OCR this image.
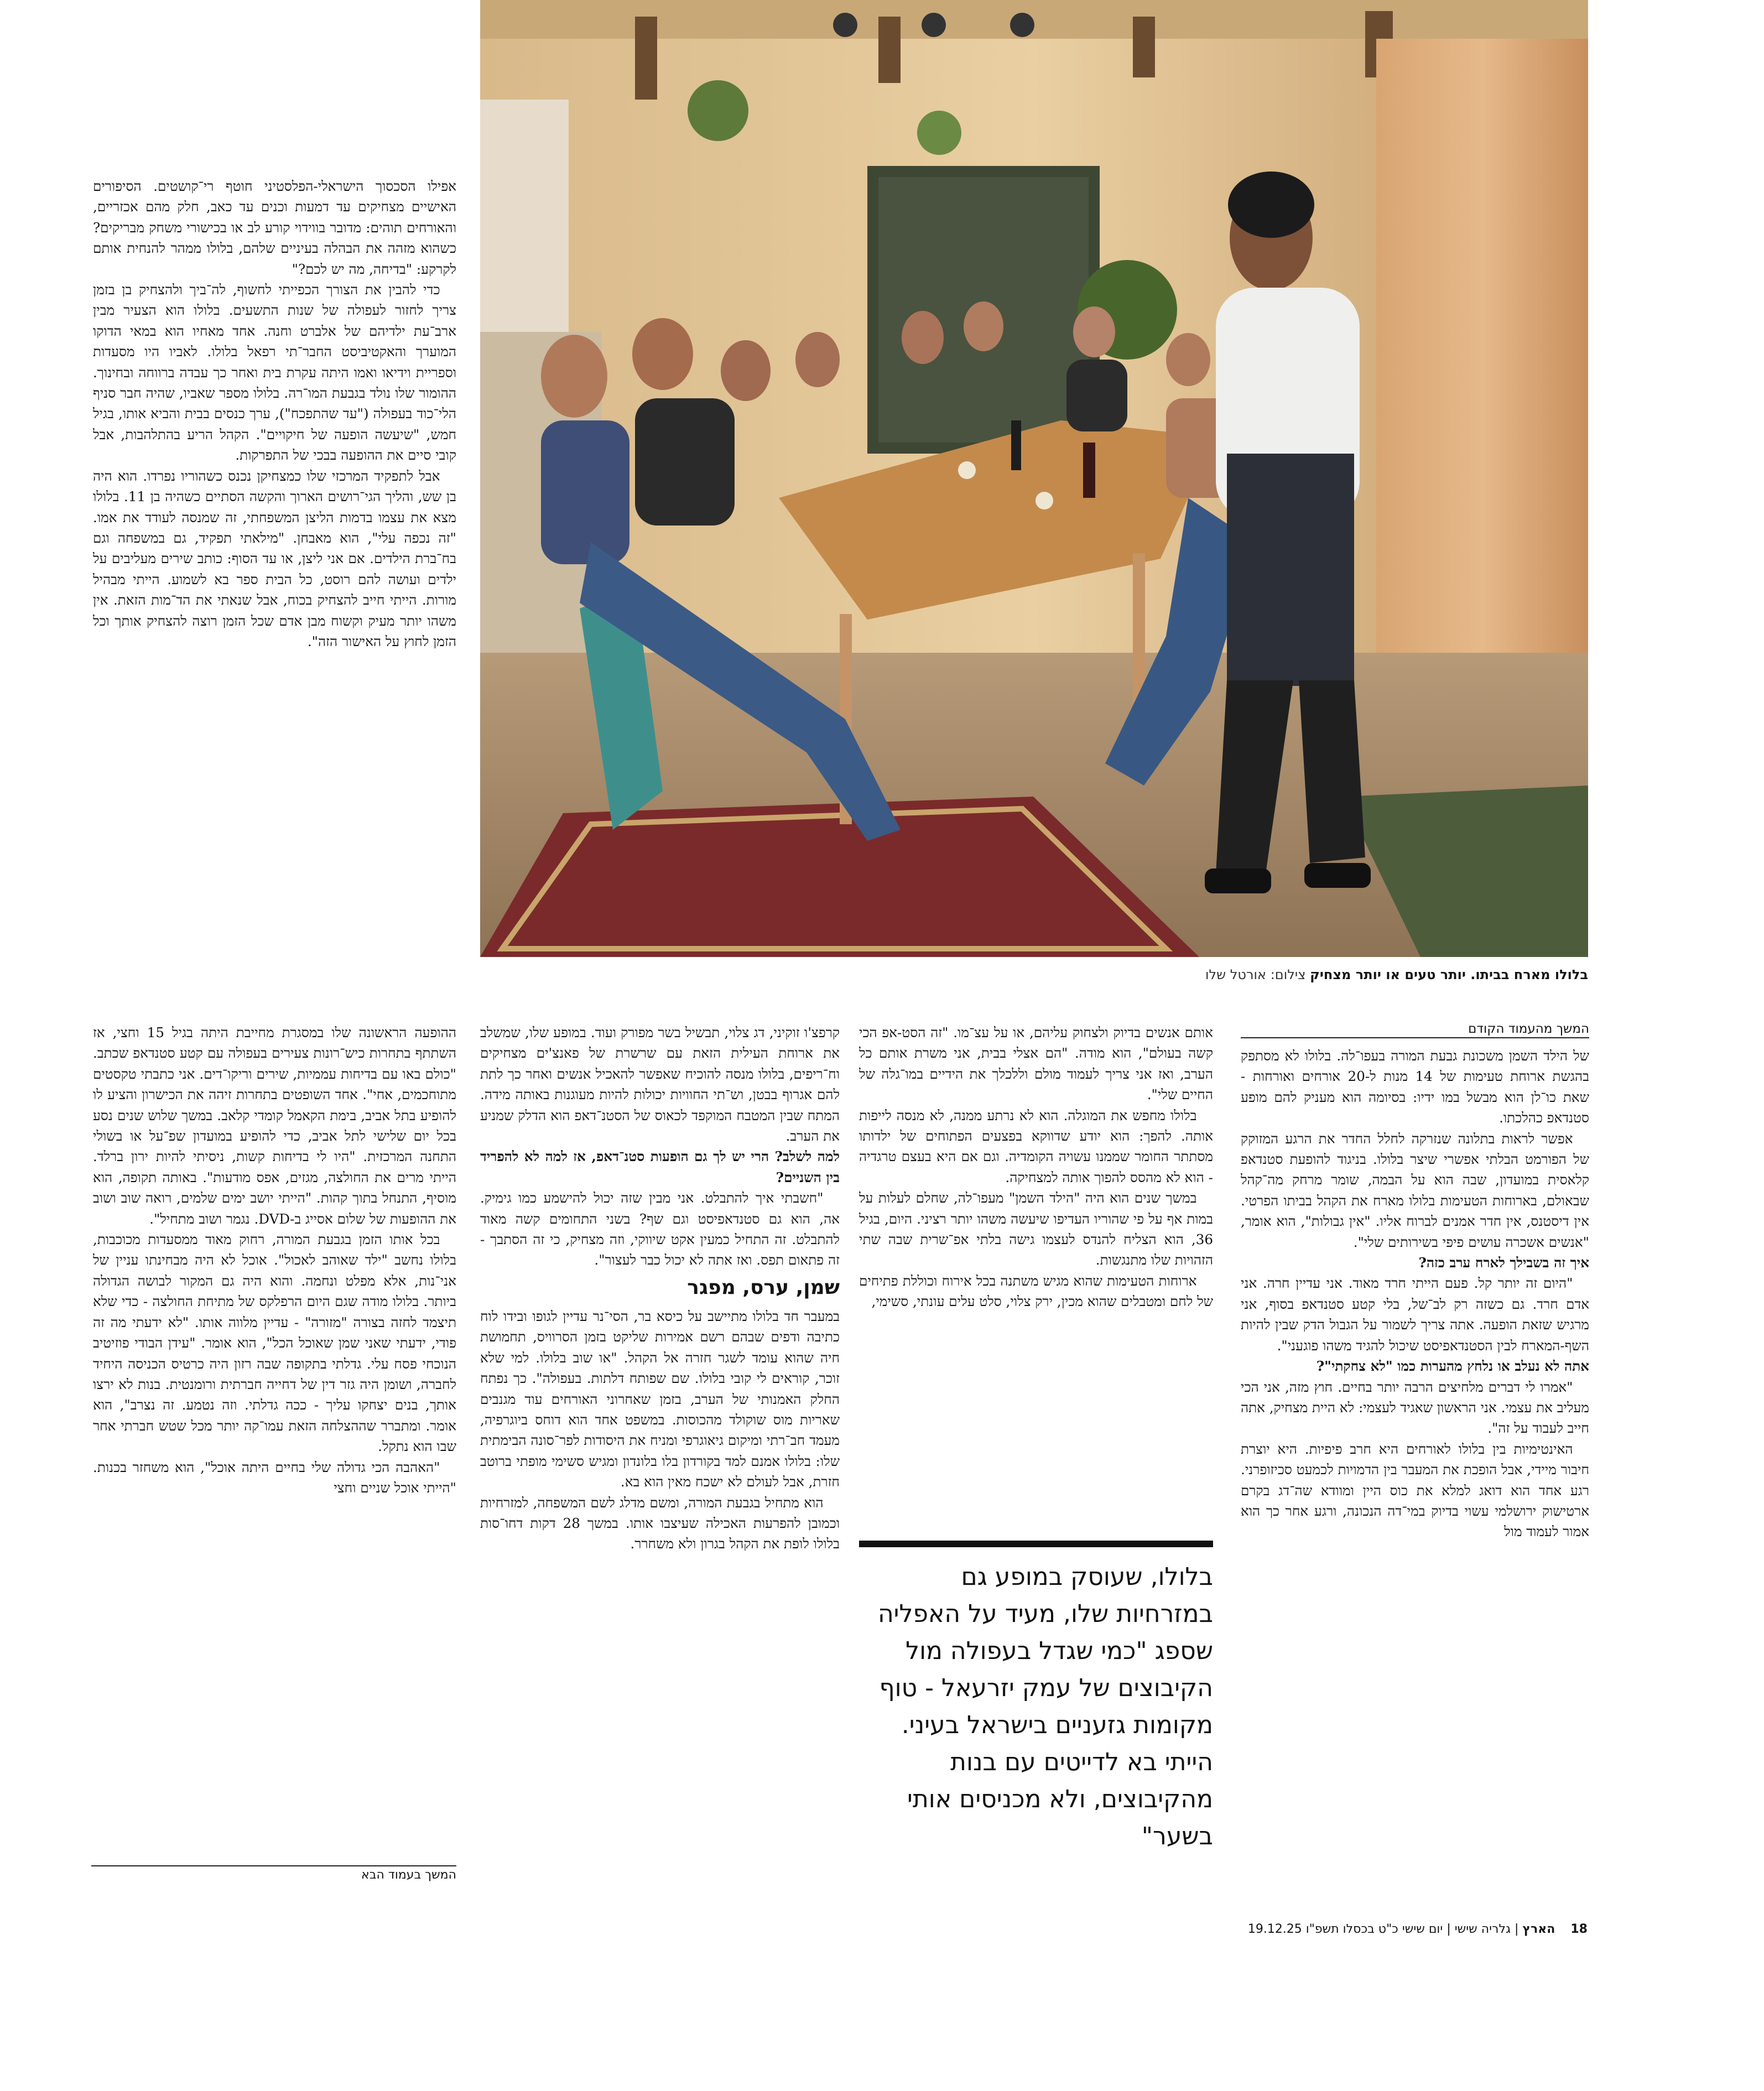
בלולו מארח בביתו. יותר טעים או יותר מצחיק צילום: אורטל שלו

אפילו הסכסוך הישראלי-הפלסטיני חוטף רי־קושטים. הסיפורים האישיים מצחיקים עד דמעות וכנים עד כאב, חלק מהם אכזריים, והאורחים תוהים: מדובר בווידוי קורע לב או בכישורי משחק מבריקים? כשהוא מזהה את הבהלה בעיניים שלהם, בלולו ממהר להנחית אותם לקרקע: "בדיחה, מה יש לכם?"

כדי להבין את הצורך הכפייתי לחשוף, לה־ביך ולהצחיק בן בזמן צריך לחזור לעפולה של שנות התשעים. בלולו הוא הצעיר מבין ארב־עת ילדיהם של אלברט וחנה. אחד מאחיו הוא במאי הדוקו המוערך והאקטיביסט החבר־תי רפאל בלולו. לאביו היו מסעדות וספריית וידיאו ואמו היתה עקרת בית ואחר כך עבדה ברווחה ובחינוך. ההומור שלו נולד בגבעת המו־רה. בלולו מספר שאביו, שהיה חבר סניף הלי־כוד בעפולה ("עד שהתפכח"), ערך כנסים בבית והביא אותו, בגיל חמש, "שיעשה הופעה של חיקויים". הקהל הריע בהתלהבות, אבל קובי סיים את ההופעה בבכי של התפרקות.

אבל לתפקיד המרכזי שלו כמצחיקן נכנס כשהוריו נפרדו. הוא היה בן שש, והליך הגי־רושים הארוך והקשה הסתיים כשהיה בן 11. בלולו מצא את עצמו בדמות הליצן המשפחתי, זה שמנסה לעודד את אמו. "זה נכפה עלי", הוא מאבחן. "מילאתי תפקיד, גם במשפחה וגם בח־ברת הילדים. אם אני ליצן, או עד הסוף: כותב שירים מעליבים על ילדים ועושה להם רוסט, כל הבית ספר בא לשמוע. הייתי מבהיל מורות. הייתי חייב להצחיק בכוח, אבל שנאתי את הד־מות הזאת. אין משהו יותר מעיק וקשוח מבן אדם שכל הזמן רוצה להצחיק אותך וכל הזמן לחוץ על האישור הזה".

המשך מהעמוד הקודם

של הילד השמן משכונת גבעת המורה בעפו־לה. בלולו לא מסתפק בהגשת ארוחת טעימות של 14 מנות ל-20 אורחים ואורחות - שאת כו־לן הוא מבשל במו ידיו: בסיומה הוא מעניק להם מופע סטנדאפ כהלכתו.

אפשר לראות בתלונה שנזרקה לחלל החדר את הרגע המזוקק של הפורמט הבלתי אפשרי שיצר בלולו. בניגוד להופעת סטנדאפ קלאסית במועדון, שבה הוא על הבמה, שומר מרחק מה־קהל שבאולם, בארוחות הטעימות בלולו מארח את הקהל בביתו הפרטי. אין דיסטנס, אין חדר אמנים לברוח אליו. "אין גבולות", הוא אומר, "אנשים אשכרה עושים פיפי בשירותים שלי".

איך זה בשבילך לארח ערב כזה?

"היום זה יותר קל. פעם הייתי חרד מאוד. אני עדיין חרה. אני אדם חרד. גם כשזה רק לב־של, בלי קטע סטנדאפ בסוף, אני מרגיש שזאת הופעה. אתה צריך לשמור על הגבול הדק שבין להיות השף-המארח לבין הסטנדאפיסט שיכול להגיד משהו פוגעני".

אתה לא נעלב או נלחץ מהערות כמו "לא צחקתי"?

"אמרו לי דברים מלחיצים הרבה יותר בחיים. חוץ מזה, אני הכי מעליב את עצמי. אני הראשון שאגיד לעצמי: לא היית מצחיק, אתה חייב לעבוד על זה".

האינטימיות בין בלולו לאורחים היא חרב פיפיות. היא יוצרת חיבור מיידי, אבל הופכת את המעבר בין הדמויות לכמעט סכיזופרני. רגע אחד הוא דואג למלא את כוס היין ומוודא שה־דג בקרם ארטישוק ירושלמי עשוי בדיוק במי־דה הנכונה, ורגע אחר כך הוא אמור לעמוד מול

אותם אנשים בדיוק ולצחוק עליהם, או על עצ־מו. "זה הסט-אפ הכי קשה בעולם", הוא מודה. "הם אצלי בבית, אני משרת אותם כל הערב, ואז אני צריך לעמוד מולם וללכלך את הידיים במו־גלה של החיים שלי".

בלולו מחפש את המוגלה. הוא לא נרתע ממנה, לא מנסה לייפות אותה. להפך: הוא יודע שדווקא בפצעים הפתוחים של ילדותו מסתתר החומר שממנו עשויה הקומדיה. וגם אם היא בעצם טרגדיה - הוא לא מהסס להפוך אותה למצחיקה.

במשך שנים הוא היה "הילד השמן" מעפו־לה, שחלם לעלות על במות אף על פי שהוריו העדיפו שיעשה משהו יותר רציני. היום, בגיל 36, הוא הצליח להנדס לעצמו גישה בלתי אפ־שרית שבה שתי הזהויות שלו מתנגשות.

ארוחות הטעימות שהוא מגיש משתנה בכל אירוח וכוללת פתיחים של לחם ומטבלים שהוא מכין, ירק צלוי, סלט עלים עונתי, סשימי,

בלולו, שעוסק במופע גם במזרחיות שלו, מעיד על האפליה שספג "כמי שגדל בעפולה מול הקיבוצים של עמק יזרעאל - טוף מקומות גזעניים בישראל בעיני. הייתי בא לדייטים עם בנות מהקיבוצים, ולא מכניסים אותי בשער"

קרפצ'ו זוקיני, דג צלוי, תבשיל בשר מפורק ועוד. במופע שלו, שמשלב את ארוחת העילית הזאת עם שרשרת של פאנצ'ים מצחיקים וח־ריפים, בלולו מנסה להוכיח שאפשר להאכיל אנשים ואחר כך לתת להם אגרוף בבטן, וש־תי החוויות יכולות להיות מעוגנות באותה מידה. המתח שבין המטבח המוקפד לכאוס של הסטנ־דאפ הוא הדלק שמניע את הערב.

למה לשלב? הרי יש לך גם הופעות סטנ־דאפ, אז למה לא להפריד בין השניים?

"חשבתי איך להתבלט. אני מבין שזה יכול להישמע כמו גימיק. אה, הוא גם סטנדאפיסט וגם שף? בשני התחומים קשה מאוד להתבלט. זה התחיל כמעין אקט שיווקי, וזה מצחיק, כי זה הסתבך - זה פתאום תפס. ואז אתה לא יכול כבר לעצור".

שמן, ערס, מפגר

במעבר חד בלולו מתיישב על כיסא בר, הסי־נר עדיין לגופו ובידו לוח כתיבה ודפים שבהם רשם אמירות שליקט בזמן הסרוויס, תחמושת חיה שהוא עומד לשגר חזרה אל הקהל. "או שוב בלולו. למי שלא זוכר, קוראים לי קובי בלולו. שם שפותח דלתות. בעפולה". כך נפתח החלק האמנותי של הערב, בזמן שאחרוני האורחים עוד מגנבים שאריות מוס שוקולד מהכוסות. במשפט אחד הוא דוחס ביוגרפיה, מעמד חב־רתי ומיקום גיאוגרפי ומניח את היסודות לפר־סונה הבימתית שלו: בלולו אמנם למד בקורדון בלו בלונדון ומגיש סשימי מופתי ברוטב חזרת, אבל לעולם לא ישכח מאין הוא בא.

הוא מתחיל בגבעת המורה, ומשם מדלג לשם המשפחה, למזרחיות וכמובן להפרעות האכילה שעיצבו אותו. במשך 28 דקות דחו־סות בלולו לופת את הקהל בגרון ולא משחרר.

ההופעה הראשונה שלו במסגרת מחייבת היתה בגיל 15 וחצי, אז השתתף בתחרות כיש־רונות צעירים בעפולה עם קטע סטנדאפ שכתב. "כולם באו עם בדיחות עממיות, שירים וריקו־דים. אני כתבתי טקסטים מתוחכמים, אחי". אחד השופטים בתחרות זיהה את הכישרון והציע לו להופיע בתל אביב, בימת הקאמל קומדי קלאב. במשך שלוש שנים נסע בכל יום שלישי לתל אביב, כדי להופיע במועדון שפ־על או בשולי התחנה המרכזית. "היו לי בדיחות קשות, ניסיתי להיות ירון ברלד. הייתי מרים את החולצה, מגזים, אפס מודעות". באותה תקופה, הוא מוסיף, התנחל בתוך קהות. "הייתי יושב ימים שלמים, רואה שוב ושוב את ההופעות של שלום אסייג ב-DVD. נגמר ושוב מתחיל".

בכל אותו הזמן בגבעת המורה, רחוק מאוד ממסעדות מכוכבות, בלולו נחשב "ילד שאוהב לאכול". אוכל לא היה מבחינתו עניין של אני־נות, אלא מפלט ונחמה. והוא היה גם המקור לבושה הגדולה ביותר. בלולו מודה שגם היום הרפלקס של מתיחת החולצה - כדי שלא תיצמד לחזה בצורה "מזורה" - עדיין מלווה אותו. "לא ידעתי מה זה פודי, ידעתי שאני שמן שאוכל הכל", הוא אומר. "עידן הבודי פוזיטיב הנוכחי פסח עלי. גדלתי בתקופה שבה רזון היה כרטיס הכניסה היחיד לחברה, ושומן היה גזר דין של דחייה חברתית ורומנטית. בנות לא ירצו אותך, בנים יצחקו עליך - ככה גדלתי. וזה נטמע. זה נצרב", הוא אומר. ומתברר שההצלחה הזאת עמו־קה יותר מכל שטש חברתי אחר שבו הוא נתקל.

"האהבה הכי גדולה שלי בחיים היתה אוכל", הוא משחזר בכנות. "הייתי אוכל שניים וחצי

המשך בעמוד הבא
18    הארץ | גלריה שישי | יום שישי כ"ט בכסלו תשפ"ו 19.12.25
